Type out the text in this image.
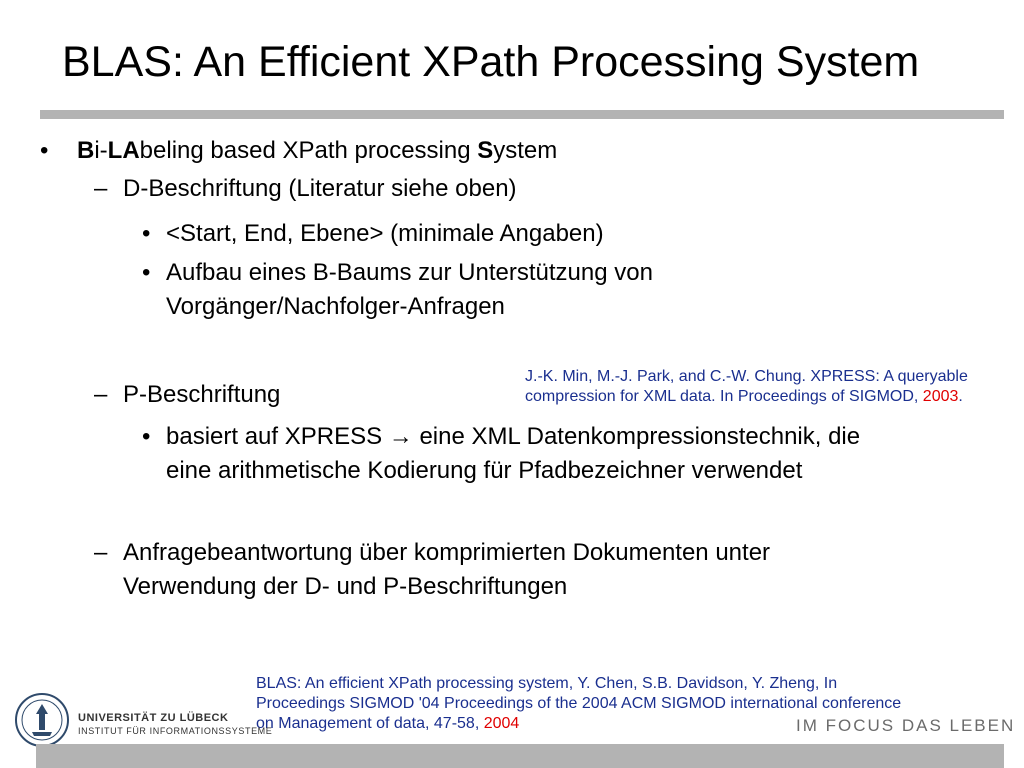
BLAS: An Efficient XPath Processing System
• Bi-LAbeling based XPath processing System
– D-Beschriftung (Literatur siehe oben)
• <Start, End, Ebene> (minimale Angaben)
• Aufbau eines B-Baums zur Unterstützung von
Vorgänger/Nachfolger-Anfragen
J.-K. Min, M.-J. Park, and C.-W. Chung. XPRESS: A queryable
compression for XML data. In Proceedings of SIGMOD, 2003.
– P-Beschriftung
• basiert auf XPRESS → eine XML Datenkompressionstechnik, die
eine arithmetische Kodierung für Pfadbezeichner verwendet
– Anfragebeantwortung über komprimierten Dokumenten unter
Verwendung der D- und P-Beschriftungen
BLAS: An efficient XPath processing system, Y. Chen, S.B. Davidson, Y. Zheng, In
Proceedings SIGMOD '04 Proceedings of the 2004 ACM SIGMOD international conference
on Management of data, 47-58, 2004
UNIVERSITÄT ZU LÜBECK
INSTITUT FÜR INFORMATIONSSYSTEME	IM FOCUS DAS LEBEN
